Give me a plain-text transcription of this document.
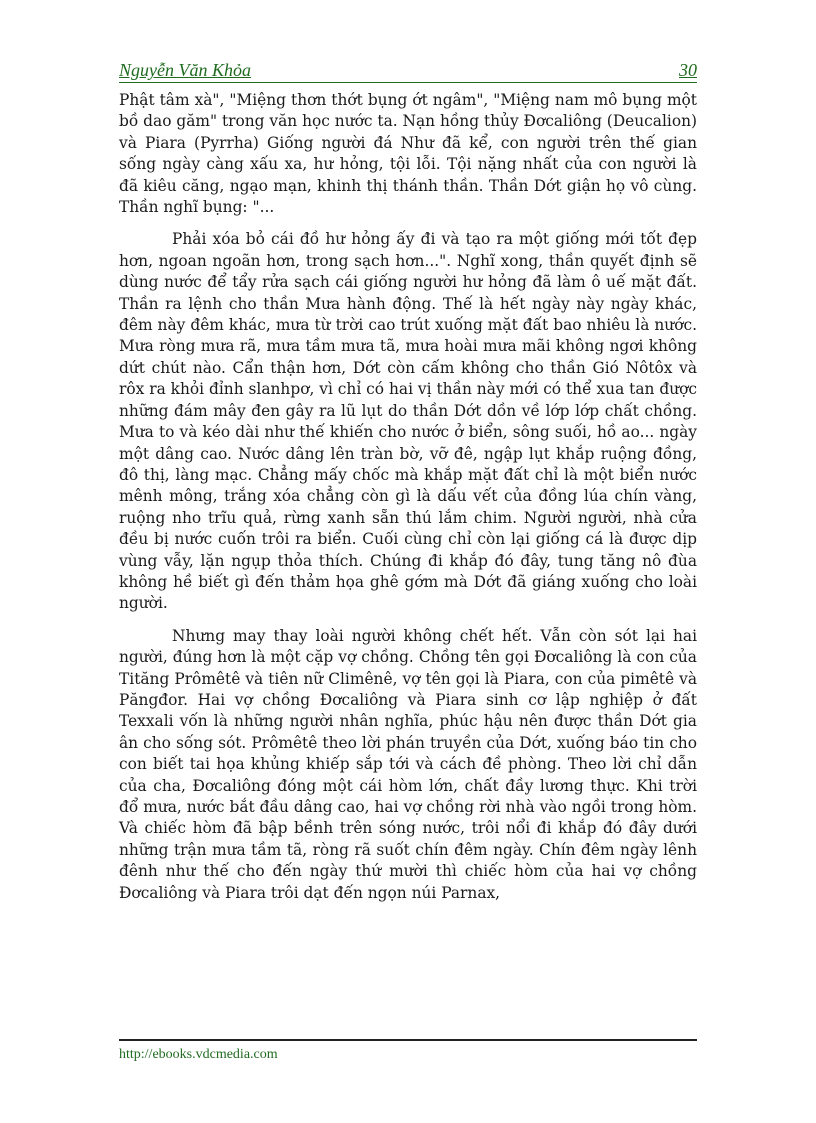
Nguyễn Văn Khỏa	30

Phật tâm xà", "Miệng thơn thớt bụng ớt ngâm", "Miệng nam mô bụng một bồ dao găm" trong văn học nước ta. Nạn hồng thủy Đơcaliông (Deucalion) và Piara (Pyrrha) Giống người đá Như đã kể, con người trên thế gian sống ngày càng xấu xa, hư hỏng, tội lỗi. Tội nặng nhất của con người là đã kiêu căng, ngạo mạn, khinh thị thánh thần. Thần Dớt giận họ vô cùng. Thần nghĩ bụng: "...

Phải xóa bỏ cái đồ hư hỏng ấy đi và tạo ra một giống mới tốt đẹp hơn, ngoan ngoãn hơn, trong sạch hơn...". Nghĩ xong, thần quyết định sẽ dùng nước để tẩy rửa sạch cái giống người hư hỏng đã làm ô uế mặt đất. Thần ra lệnh cho thần Mưa hành động. Thế là hết ngày này ngày khác, đêm này đêm khác, mưa từ trời cao trút xuống mặt đất bao nhiêu là nước. Mưa ròng mưa rã, mưa tầm mưa tã, mưa hoài mưa mãi không ngơi không dứt chút nào. Cẩn thận hơn, Dớt còn cấm không cho thần Gió Nôtôx và rôx ra khỏi đỉnh slanhpơ, vì chỉ có hai vị thần này mới có thể xua tan được những đám mây đen gây ra lũ lụt do thần Dớt dồn về lớp lớp chất chồng. Mưa to và kéo dài như thế khiến cho nước ở biển, sông suối, hồ ao... ngày một dâng cao. Nước dâng lên tràn bờ, vỡ đê, ngập lụt khắp ruộng đồng, đô thị, làng mạc. Chẳng mấy chốc mà khắp mặt đất chỉ là một biển nước mênh mông, trắng xóa chẳng còn gì là dấu vết của đồng lúa chín vàng, ruộng nho trĩu quả, rừng xanh sẵn thú lắm chim. Người người, nhà cửa đều bị nước cuốn trôi ra biển. Cuối cùng chỉ còn lại giống cá là được dịp vùng vẫy, lặn ngụp thỏa thích. Chúng đi khắp đó đây, tung tăng nô đùa không hề biết gì đến thảm họa ghê gớm mà Dớt đã giáng xuống cho loài người.

Nhưng may thay loài người không chết hết. Vẫn còn sót lại hai người, đúng hơn là một cặp vợ chồng. Chồng tên gọi Đơcaliông là con của Tităng Prômêtê và tiên nữ Climênê, vợ tên gọi là Piara, con của pimêtê và Păngđor. Hai vợ chồng Đơcaliông và Piara sinh cơ lập nghiệp ở đất Texxali vốn là những người nhân nghĩa, phúc hậu nên được thần Dớt gia ân cho sống sót. Prômêtê theo lời phán truyền của Dớt, xuống báo tin cho con biết tai họa khủng khiếp sắp tới và cách đề phòng. Theo lời chỉ dẫn của cha, Đơcaliông đóng một cái hòm lớn, chất đầy lương thực. Khi trời đổ mưa, nước bắt đầu dâng cao, hai vợ chồng rời nhà vào ngồi trong hòm. Và chiếc hòm đã bập bềnh trên sóng nước, trôi nổi đi khắp đó đây dưới những trận mưa tầm tã, ròng rã suốt chín đêm ngày. Chín đêm ngày lênh đênh như thế cho đến ngày thứ mười thì chiếc hòm của hai vợ chồng Đơcaliông và Piara trôi dạt đến ngọn núi Parnax,

http://ebooks.vdcmedia.com
